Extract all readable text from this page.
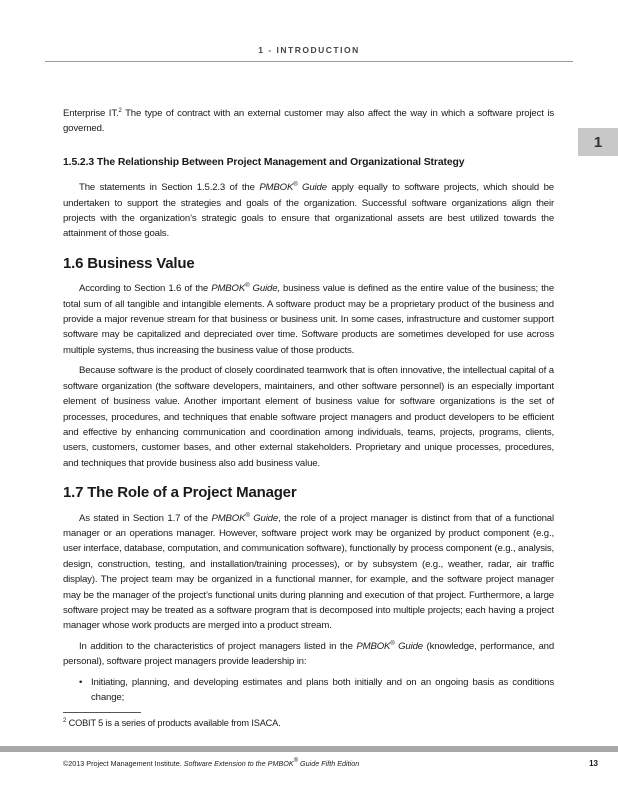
1 - INTRODUCTION
1

Enterprise IT.$^2$ The type of contract with an external customer may also affect the way in which a software project is governed.

1.5.2.3 The Relationship Between Project Management and Organizational Strategy

The statements in Section 1.5.2.3 of the PMBOK® Guide apply equally to software projects, which should be undertaken to support the strategies and goals of the organization. Successful software organizations align their projects with the organization’s strategic goals to ensure that organizational assets are best utilized towards the attainment of those goals.

1.6 Business Value

According to Section 1.6 of the PMBOK® Guide, business value is defined as the entire value of the business; the total sum of all tangible and intangible elements. A software product may be a proprietary product of the business and provide a major revenue stream for that business or business unit. In some cases, infrastructure and customer support software may be capitalized and depreciated over time. Software products are sometimes developed for use across multiple systems, thus increasing the business value of those products.

Because software is the product of closely coordinated teamwork that is often innovative, the intellectual capital of a software organization (the software developers, maintainers, and other software personnel) is an especially important element of business value. Another important element of business value for software organizations is the set of processes, procedures, and techniques that enable software project managers and product developers to be efficient and effective by enhancing communication and coordination among individuals, teams, projects, programs, clients, users, customers, customer bases, and other external stakeholders. Proprietary and unique processes, procedures, and techniques that provide business also add business value.

1.7 The Role of a Project Manager

As stated in Section 1.7 of the PMBOK® Guide, the role of a project manager is distinct from that of a functional manager or an operations manager. However, software project work may be organized by product component (e.g., user interface, database, computation, and communication software), functionally by process component (e.g., analysis, design, construction, testing, and installation/training processes), or by subsystem (e.g., weather, radar, air traffic display). The project team may be organized in a functional manner, for example, and the software project manager may be the manager of the project’s functional units during planning and execution of that project. Furthermore, a large software project may be treated as a software program that is decomposed into multiple projects; each having a project manager whose work products are merged into a product stream.

In addition to the characteristics of project managers listed in the PMBOK® Guide (knowledge, performance, and personal), software project managers provide leadership in:

• Initiating, planning, and developing estimates and plans both initially and on an ongoing basis as conditions change;
$^2$ COBIT 5 is a series of products available from ISACA.
©2013 Project Management Institute. Software Extension to the PMBOK® Guide Fifth Edition	13
